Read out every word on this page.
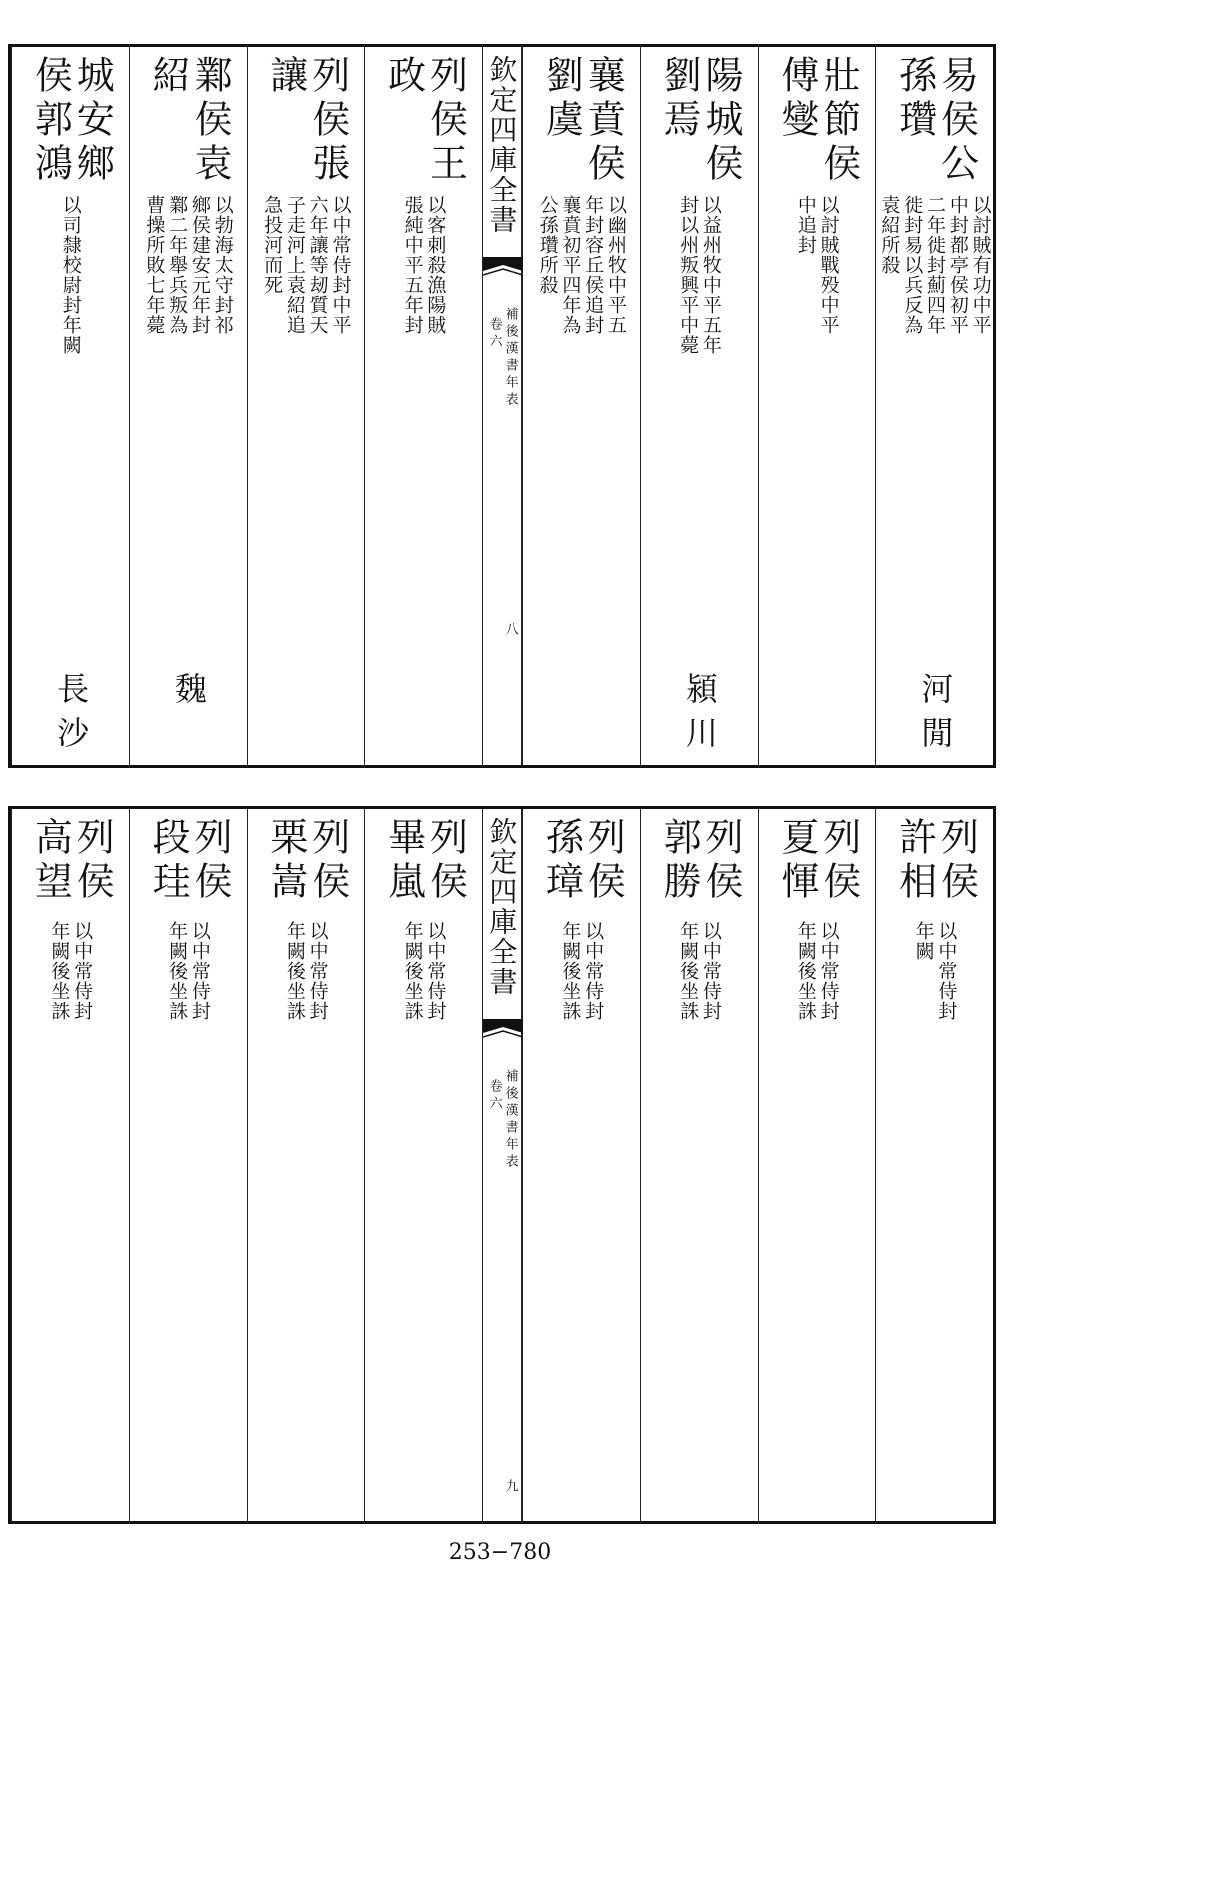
易侯公
孫瓚
以討賊有功中平
中封都亭侯初平
二年徙封薊四年
徙封易以兵反為
袁紹所殺
河閒
壯節侯
傅燮
以討賊戰殁中平
中追封
陽城侯
劉焉
以益州牧中平五年
封以州叛興平中薨
潁川
襄賁侯
劉虞
以幽州牧中平五
年封容丘侯追封
襄賁初平四年為
公孫瓚所殺
列侯王
政
以客刺殺漁陽賊
張純中平五年封
列侯張
讓
以中常侍封中平
六年讓等刼質天
子走河上袁紹追
急投河而死
鄴侯袁
紹
以勃海太守封祁
鄉侯建安元年封
鄴二年舉兵叛為
曹操所敗七年薨
魏
城安鄉
侯郭鴻
以司隸校尉封年闕
長沙
欽定四庫全書
卷六 補後漢書年表
八
列侯
許相
以中常侍封
年闕
列侯
夏惲
以中常侍封
年闕後坐誅
列侯
郭勝
以中常侍封
年闕後坐誅
列侯
孫璋
以中常侍封
年闕後坐誅
列侯
畢嵐
以中常侍封
年闕後坐誅
列侯
栗嵩
以中常侍封
年闕後坐誅
列侯
段珪
以中常侍封
年闕後坐誅
列侯
高望
以中常侍封
年闕後坐誅	欽定四庫全書
卷六 補後漢書年表
九
253−780
